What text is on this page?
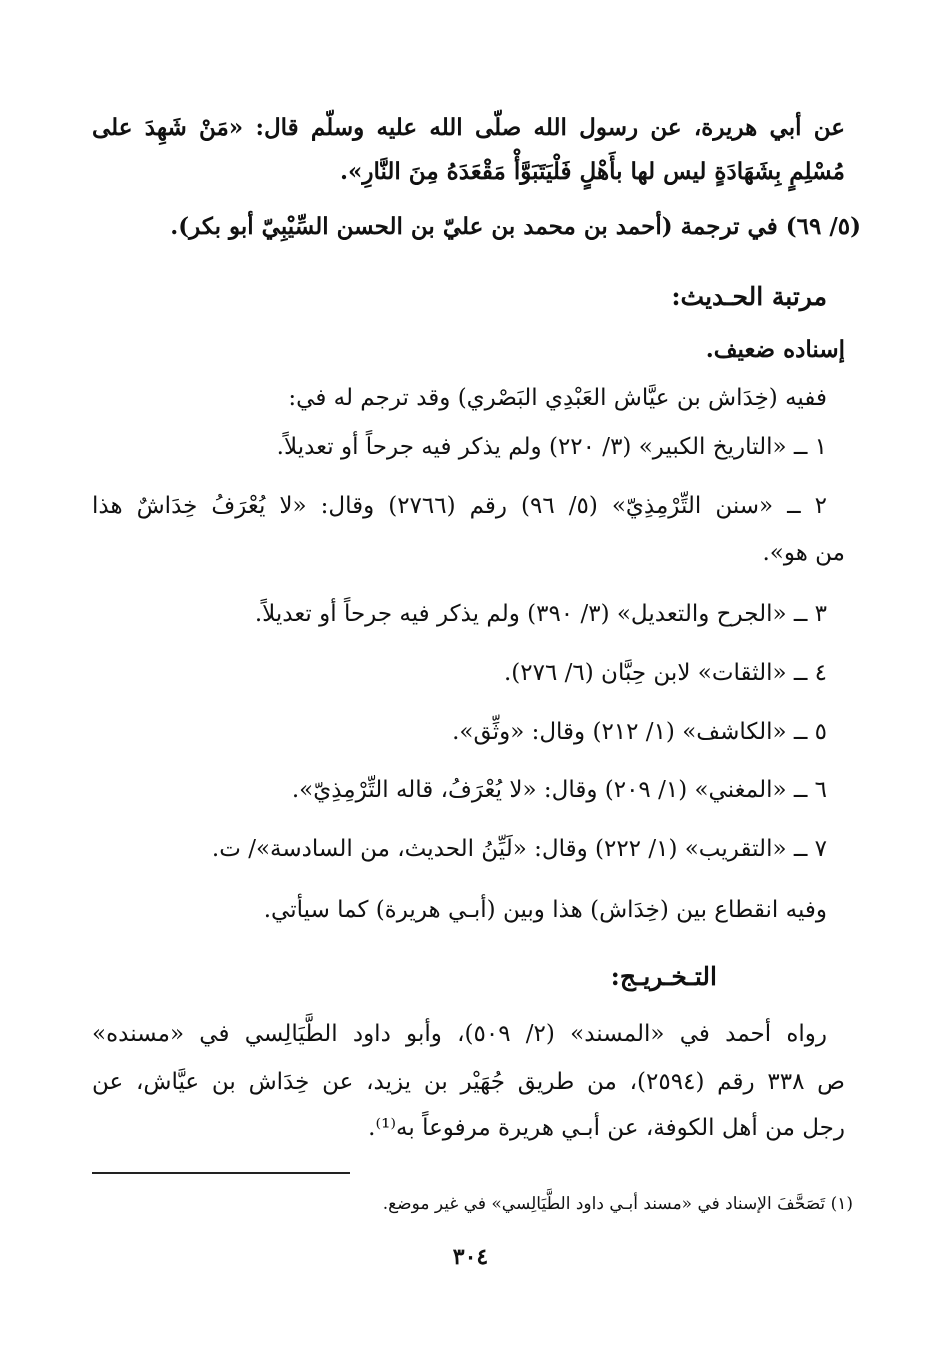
عن أبي هريرة، عن رسول الله صلّى الله عليه وسلّم قال: «مَنْ شَهِدَ على
مُسْلِمٍ بِشَهَادَةٍ ليس لها بأَهْلٍ فَلْيَتَبَوَّأْ مَقْعَدَهُ مِنَ النَّارِ».
(٥/ ٦٩) في ترجمة (أحمد بن محمد بن عليّ بن الحسن السِّيْبِيّ أبو بكر).
مرتبة الحـديث:
إسناده ضعيف.
ففيه (خِدَاش بن عيَّاش العَبْدِي البَصْري) وقد ترجم له في:
١ ــ «التاريخ الكبير» (٣/ ٢٢٠) ولم يذكر فيه جرحاً أو تعديلاً.
٢ ــ «سنن التِّرْمِذِيّ» (٥/ ٩٦) رقم (٢٧٦٦) وقال: «لا يُعْرَفُ خِدَاشٌ هذا
من هو».
٣ ــ «الجرح والتعديل» (٣/ ٣٩٠) ولم يذكر فيه جرحاً أو تعديلاً.
٤ ــ «الثقات» لابن حِبَّان (٦/ ٢٧٦).
٥ ــ «الكاشف» (١/ ٢١٢) وقال: «وثِّق».
٦ ــ «المغني» (١/ ٢٠٩) وقال: «لا يُعْرَفُ، قاله التِّرْمِذِيّ».
٧ ــ «التقريب» (١/ ٢٢٢) وقال: «لَيِّنُ الحديث، من السادسة»/ ت.
وفيه انقطاع بين (خِدَاش) هذا وبين (أبـي هريرة) كما سيأتي.
التـخـريـج:
رواه أحمد في «المسند» (٢/ ٥٠٩)، وأبو داود الطَّيَالِسي في «مسنده»
ص ٣٣٨ رقم (٢٥٩٤)، من طريق جُهَيْر بن يزيد، عن خِدَاش بن عيَّاش، عن
رجل من أهل الكوفة، عن أبـي هريرة مرفوعاً به⁽¹⁾.
(١) تَصَحَّفَ الإسناد في «مسند أبـي داود الطَّيَالِسي» في غير موضع.
٣٠٤
